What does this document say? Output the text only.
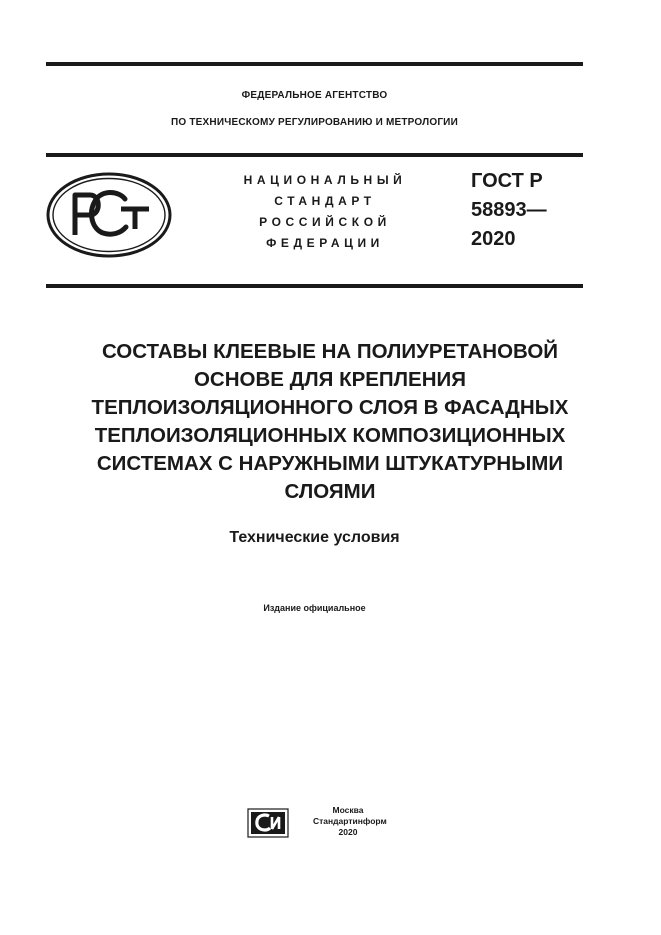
ФЕДЕРАЛЬНОЕ АГЕНТСТВО
ПО ТЕХНИЧЕСКОМУ РЕГУЛИРОВАНИЮ И МЕТРОЛОГИИ
НАЦИОНАЛЬНЫЙ
СТАНДАРТ
РОССИЙСКОЙ
ФЕДЕРАЦИИ
ГОСТ Р
58893—
2020
СОСТАВЫ КЛЕЕВЫЕ НА ПОЛИУРЕТАНОВОЙ
ОСНОВЕ ДЛЯ КРЕПЛЕНИЯ
ТЕПЛОИЗОЛЯЦИОННОГО СЛОЯ В ФАСАДНЫХ
ТЕПЛОИЗОЛЯЦИОННЫХ КОМПОЗИЦИОННЫХ
СИСТЕМАХ С НАРУЖНЫМИ ШТУКАТУРНЫМИ
СЛОЯМИ
Технические условия
Издание официальное
Москва
Стандартинформ
2020
